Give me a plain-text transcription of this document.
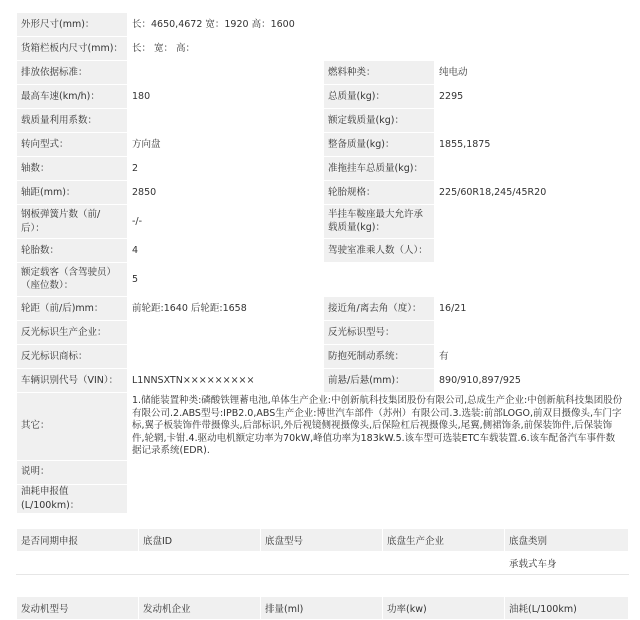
外形尺寸(mm)：	长：4650,4672 宽：1920 高：1600		
货箱栏板内尺寸(mm)：	长： 宽： 高：		
排放依据标准：		燃料种类：	纯电动
最高车速(km/h)：	180	总质量(kg)：	2295
载质量利用系数：		额定载质量(kg)：	
转向型式：	方向盘	整备质量(kg)：	1855,1875
轴数：	2	准拖挂车总质量(kg)：	
轴距(mm)：	2850	轮胎规格：	225/60R18,245/45R20
钢板弹簧片数（前/后）：	-/-	半挂车鞍座最大允许承载质量(kg)：	

轮胎数：	4	驾驶室准乘人数（人）：	

额定载客（含驾驶员）（座位数）：	5		
轮距（前/后)mm：	前轮距:1640 后轮距:1658	接近角/离去角（度）：	16/21
反光标识生产企业：		反光标识型号：	
反光标识商标：		防抱死制动系统：	有
车辆识别代号（VIN）：	L1NNSXTN×××××××××	前悬/后悬(mm)：	890/910,897/925
其它：	1.储能装置种类:磷酸铁锂蓄电池,单体生产企业:中创新航科技集团股份有限公司,总成生产企业:中创新航科技集团股份有限公司.2.ABS型号:IPB2.0,ABS生产企业:博世汽车部件（苏州）有限公司.3.选装:前部LOGO,前双目摄像头,车门字标,翼子板装饰件带摄像头,后部标识,外后视镜侧视摄像头,后保险杠后视摄像头,尾翼,侧裙饰条,前保装饰件,后保装饰件,轮辋,卡钳.4.驱动电机额定功率为70kW,峰值功率为183kW.5.该车型可选装ETC车载装置.6.该车配备汽车事件数据记录系统(EDR).		

说明：			
油耗申报值(L/100km)：			
是否同期申报	底盘ID	底盘型号	底盘生产企业	底盘类别
				承载式车身
发动机型号	发动机企业	排量(ml)	功率(kw)	油耗(L/100km)
